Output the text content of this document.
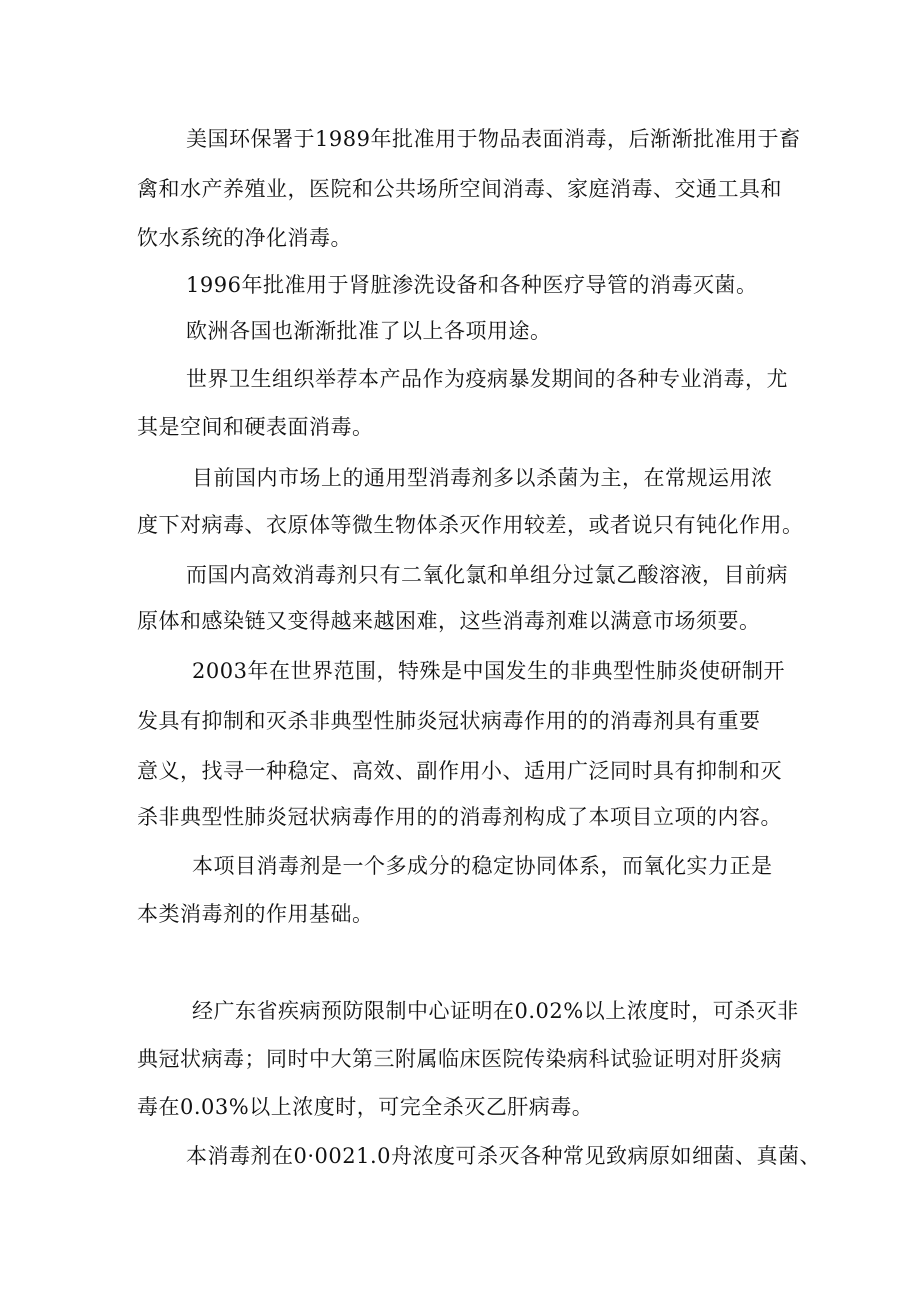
美国环保署于1989年批准用于物品表面消毒，后渐渐批准用于畜
禽和水产养殖业，医院和公共场所空间消毒、家庭消毒、交通工具和
饮水系统的净化消毒。
1996年批准用于肾脏渗洗设备和各种医疗导管的消毒灭菌。
欧洲各国也渐渐批准了以上各项用途。
世界卫生组织举荐本产品作为疫病暴发期间的各种专业消毒，尤
其是空间和硬表面消毒。
目前国内市场上的通用型消毒剂多以杀菌为主，在常规运用浓
度下对病毒、衣原体等微生物体杀灭作用较差，或者说只有钝化作用。
而国内高效消毒剂只有二氧化氯和单组分过氯乙酸溶液，目前病
原体和感染链又变得越来越困难，这些消毒剂难以满意市场须要。
2003年在世界范围，特殊是中国发生的非典型性肺炎使研制开
发具有抑制和灭杀非典型性肺炎冠状病毒作用的的消毒剂具有重要
意义，找寻一种稳定、高效、副作用小、适用广泛同时具有抑制和灭
杀非典型性肺炎冠状病毒作用的的消毒剂构成了本项目立项的内容。
本项目消毒剂是一个多成分的稳定协同体系，而氧化实力正是
本类消毒剂的作用基础。
经广东省疾病预防限制中心证明在0.02%以上浓度时，可杀灭非
典冠状病毒；同时中大第三附属临床医院传染病科试验证明对肝炎病
毒在0.03%以上浓度时，可完全杀灭乙肝病毒。
本消毒剂在0·0021.0舟浓度可杀灭各种常见致病原如细菌、真菌、
